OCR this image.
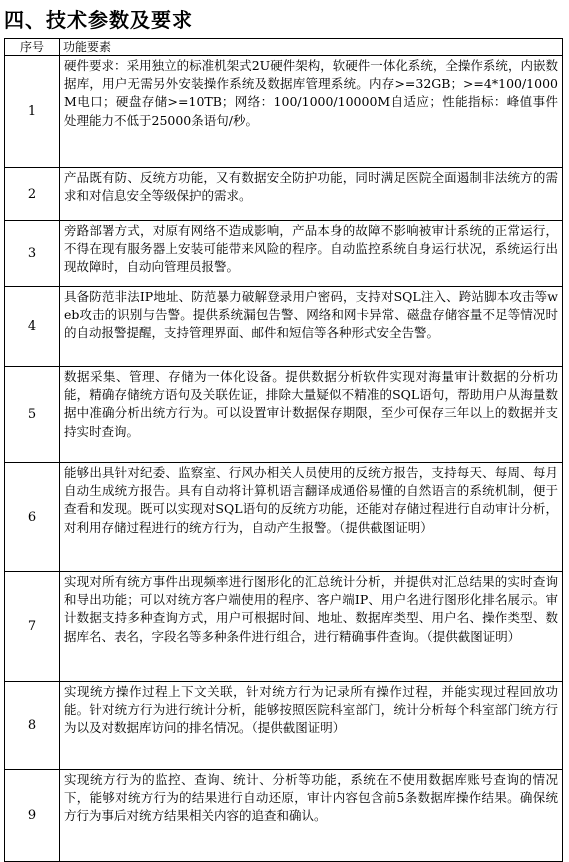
四、技术参数及要求
序号	功能要素
1	硬件要求：采用独立的标准机架式2U硬件架构，软硬件一体化系统，全操作系统，内嵌数据库，用户无需另外安装操作系统及数据库管理系统。内存>=32GB；>=4*100/1000M电口；硬盘存储>=10TB；网络：100/1000/10000M自适应；性能指标：峰值事件处理能力不低于25000条语句/秒。
2	产品既有防、反统方功能，又有数据安全防护功能，同时满足医院全面遏制非法统方的需求和对信息安全等级保护的需求。
3	旁路部署方式，对原有网络不造成影响，产品本身的故障不影响被审计系统的正常运行，不得在现有服务器上安装可能带来风险的程序。自动监控系统自身运行状况，系统运行出现故障时，自动向管理员报警。
4	具备防范非法IP地址、防范暴力破解登录用户密码，支持对SQL注入、跨站脚本攻击等web攻击的识别与告警。提供系统漏包告警、网络和网卡异常、磁盘存储容量不足等情况时的自动报警提醒，支持管理界面、邮件和短信等各种形式安全告警。
5	数据采集、管理、存储为一体化设备。提供数据分析软件实现对海量审计数据的分析功能，精确存储统方语句及关联佐证，排除大量疑似不精准的SQL语句，帮助用户从海量数据中准确分析出统方行为。可以设置审计数据保存期限，至少可保存三年以上的数据并支持实时查询。
6	能够出具针对纪委、监察室、行风办相关人员使用的反统方报告，支持每天、每周、每月自动生成统方报告。具有自动将计算机语言翻译成通俗易懂的自然语言的系统机制，便于查看和发现。既可以实现对SQL语句的反统方功能，还能对存储过程进行自动审计分析，对利用存储过程进行的统方行为，自动产生报警。（提供截图证明）
7	实现对所有统方事件出现频率进行图形化的汇总统计分析，并提供对汇总结果的实时查询和导出功能；可以对统方客户端使用的程序、客户端IP、用户名进行图形化排名展示。审计数据支持多种查询方式，用户可根据时间、地址、数据库类型、用户名、操作类型、数据库名、表名，字段名等多种条件进行组合，进行精确事件查询。（提供截图证明）
8	实现统方操作过程上下文关联，针对统方行为记录所有操作过程，并能实现过程回放功能。针对统方行为进行统计分析，能够按照医院科室部门，统计分析每个科室部门统方行为以及对数据库访问的排名情况。（提供截图证明）
9	实现统方行为的监控、查询、统计、分析等功能，系统在不使用数据库账号查询的情况下，能够对统方行为的结果进行自动还原，审计内容包含前5条数据库操作结果。确保统方行为事后对统方结果相关内容的追查和确认。
